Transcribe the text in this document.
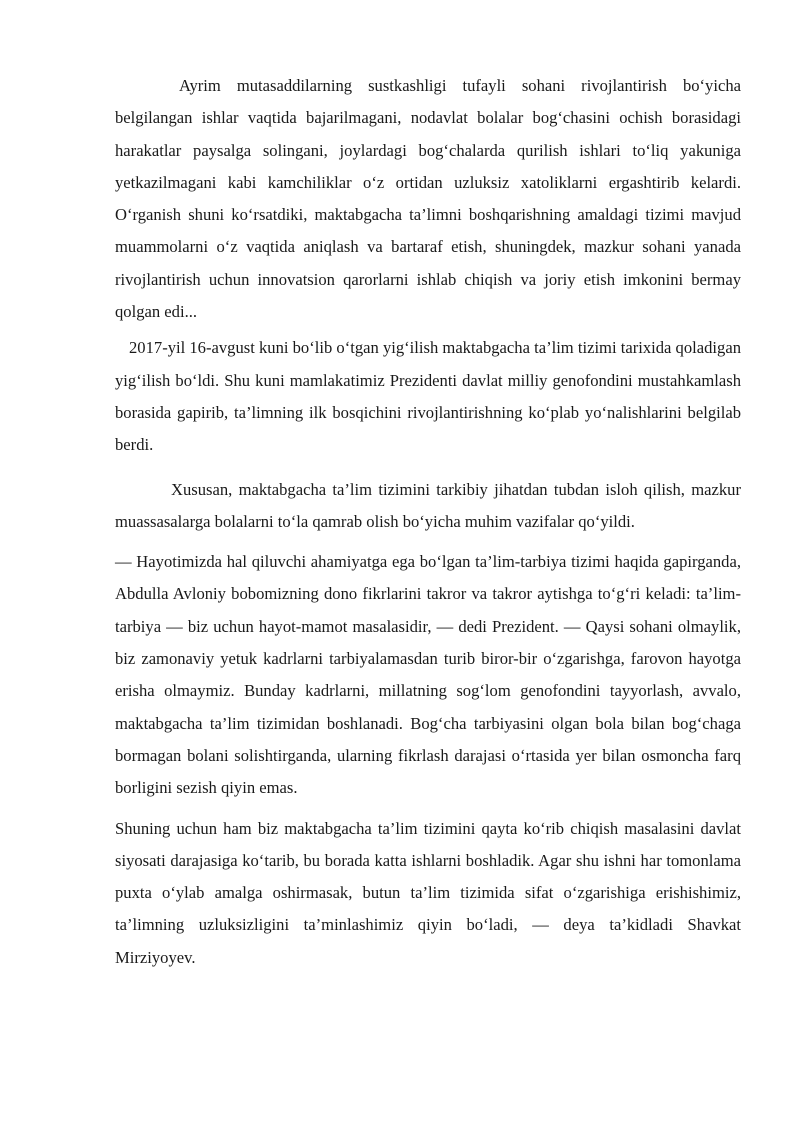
Ayrim mutasaddilarning sustkashligi tufayli sohani rivojlantirish bo‘yicha belgilangan ishlar vaqtida bajarilmagani, nodavlat bolalar bog‘chasini ochish borasidagi harakatlar paysalga solingani, joylardagi bog‘chalarda qurilish ishlari to‘liq yakuniga yetkazilmagani kabi kamchiliklar o‘z ortidan uzluksiz xatoliklarni ergashtirib kelardi. O‘rganish shuni ko‘rsatdiki, maktabgacha ta’limni boshqarishning amaldagi tizimi mavjud muammolarni o‘z vaqtida aniqlash va bartaraf etish, shuningdek, mazkur sohani yanada rivojlantirish uchun innovatsion qarorlarni ishlab chiqish va joriy etish imkonini bermay qolgan edi...

2017-yil 16-avgust kuni bo‘lib o‘tgan yig‘ilish maktabgacha ta’lim tizimi tarixida qoladigan yig‘ilish bo‘ldi. Shu kuni mamlakatimiz Prezidenti davlat milliy genofondini mustahkamlash borasida gapirib, ta’limning ilk bosqichini rivojlantirishning ko‘plab yo‘nalishlarini belgilab berdi.

Xususan, maktabgacha ta’lim tizimini tarkibiy jihatdan tubdan isloh qilish, mazkur muassasalarga bolalarni to‘la qamrab olish bo‘yicha muhim vazifalar qo‘yildi.

— Hayotimizda hal qiluvchi ahamiyatga ega bo‘lgan ta’lim-tarbiya tizimi haqida gapirganda, Abdulla Avloniy bobomizning dono fikrlarini takror va takror aytishga to‘g‘ri keladi: ta’lim-tarbiya — biz uchun hayot-mamot masalasidir, — dedi Prezident. — Qaysi sohani olmaylik, biz zamonaviy yetuk kadrlarni tarbiyalamasdan turib biror-bir o‘zgarishga, farovon hayotga erisha olmaymiz. Bunday kadrlarni, millatning sog‘lom genofondini tayyorlash, avvalo, maktabgacha ta’lim tizimidan boshlanadi. Bog‘cha tarbiyasini olgan bola bilan bog‘chaga bormagan bolani solishtirganda, ularning fikrlash darajasi o‘rtasida yer bilan osmoncha farq borligini sezish qiyin emas.

Shuning uchun ham biz maktabgacha ta’lim tizimini qayta ko‘rib chiqish masalasini davlat siyosati darajasiga ko‘tarib, bu borada katta ishlarni boshladik. Agar shu ishni har tomonlama puxta o‘ylab amalga oshirmasak, butun ta’lim tizimida sifat o‘zgarishiga erishishimiz, ta’limning uzluksizligini ta’minlashimiz qiyin bo‘ladi, — deya ta’kidladi Shavkat Mirziyoyev.
